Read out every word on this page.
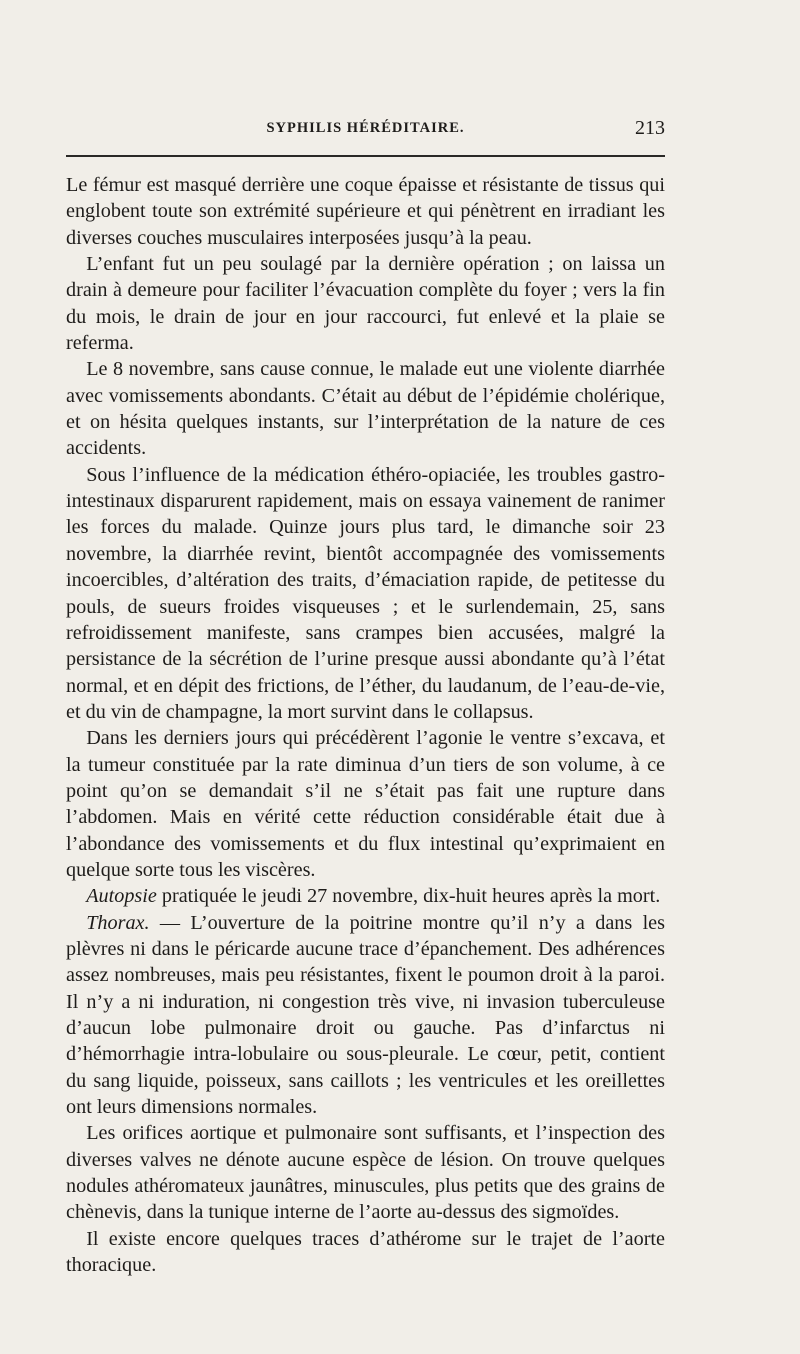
SYPHILIS HÉRÉDITAIRE.	213

Le fémur est masqué derrière une coque épaisse et résistante de tissus qui englobent toute son extrémité supérieure et qui pénètrent en irradiant les diverses couches musculaires interposées jusqu’à la peau.

L’enfant fut un peu soulagé par la dernière opération ; on laissa un drain à demeure pour faciliter l’évacuation complète du foyer ; vers la fin du mois, le drain de jour en jour raccourci, fut enlevé et la plaie se referma.

Le 8 novembre, sans cause connue, le malade eut une violente diarrhée avec vomissements abondants. C’était au début de l’épidémie cholérique, et on hésita quelques instants, sur l’interprétation de la nature de ces accidents.

Sous l’influence de la médication éthéro-opiaciée, les troubles gastro-intestinaux disparurent rapidement, mais on essaya vainement de ranimer les forces du malade. Quinze jours plus tard, le dimanche soir 23 novembre, la diarrhée revint, bientôt accompagnée des vomissements incoercibles, d’altération des traits, d’émaciation rapide, de petitesse du pouls, de sueurs froides visqueuses ; et le surlendemain, 25, sans refroidissement manifeste, sans crampes bien accusées, malgré la persistance de la sécrétion de l’urine presque aussi abondante qu’à l’état normal, et en dépit des frictions, de l’éther, du laudanum, de l’eau-de-vie, et du vin de champagne, la mort survint dans le collapsus.

Dans les derniers jours qui précédèrent l’agonie le ventre s’excava, et la tumeur constituée par la rate diminua d’un tiers de son volume, à ce point qu’on se demandait s’il ne s’était pas fait une rupture dans l’abdomen. Mais en vérité cette réduction considérable était due à l’abondance des vomissements et du flux intestinal qu’exprimaient en quelque sorte tous les viscères.

Autopsie pratiquée le jeudi 27 novembre, dix-huit heures après la mort.

Thorax. — L’ouverture de la poitrine montre qu’il n’y a dans les plèvres ni dans le péricarde aucune trace d’épanchement. Des adhérences assez nombreuses, mais peu résistantes, fixent le poumon droit à la paroi. Il n’y a ni induration, ni congestion très vive, ni invasion tuberculeuse d’aucun lobe pulmonaire droit ou gauche. Pas d’infarctus ni d’hémorrhagie intra-lobulaire ou sous-pleurale. Le cœur, petit, contient du sang liquide, poisseux, sans caillots ; les ventricules et les oreillettes ont leurs dimensions normales.

Les orifices aortique et pulmonaire sont suffisants, et l’inspection des diverses valves ne dénote aucune espèce de lésion. On trouve quelques nodules athéromateux jaunâtres, minuscules, plus petits que des grains de chènevis, dans la tunique interne de l’aorte au-dessus des sigmoïdes.

Il existe encore quelques traces d’athérome sur le trajet de l’aorte thoracique.
